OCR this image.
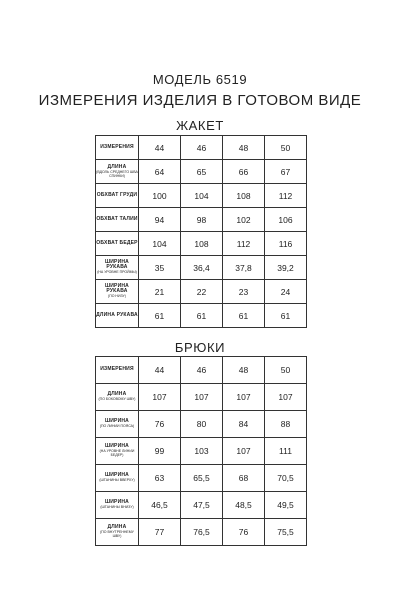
МОДЕЛЬ 6519
ИЗМЕРЕНИЯ ИЗДЕЛИЯ В ГОТОВОМ ВИДЕ
ЖАКЕТ
ИЗМЕРЕНИЯ	44	46	48	50

ДЛИНА
(ВДОЛЬ СРЕДНЕГО ШВА СПИНКИ)	64	65	66	67

ОБХВАТ ГРУДИ	100	104	108	112

ОБХВАТ ТАЛИИ	94	98	102	106

ОБХВАТ БЕДЕР	104	108	112	116

ШИРИНА РУКАВА
(НА УРОВНЕ ПРОЙМЫ)	35	36,4	37,8	39,2

ШИРИНА РУКАВА
(ПО НИЗУ)	21	22	23	24

ДЛИНА РУКАВА	61	61	61	61
БРЮКИ
ИЗМЕРЕНИЯ	44	46	48	50

ДЛИНА
(ПО БОКОВОМУ ШВУ)	107	107	107	107

ШИРИНА
(ПО ЛИНИИ ПОЯСА)	76	80	84	88

ШИРИНА
(НА УРОВНЕ ЛИНИИ БЕДЕР)	99	103	107	111

ШИРИНА
(ШТАНИНЫ ВВЕРХУ)	63	65,5	68	70,5

ШИРИНА
(ШТАНИНЫ ВНИЗУ)	46,5	47,5	48,5	49,5

ДЛИНА
(ПО ВНУТРЕННЕМУ ШВУ)	77	76,5	76	75,5
